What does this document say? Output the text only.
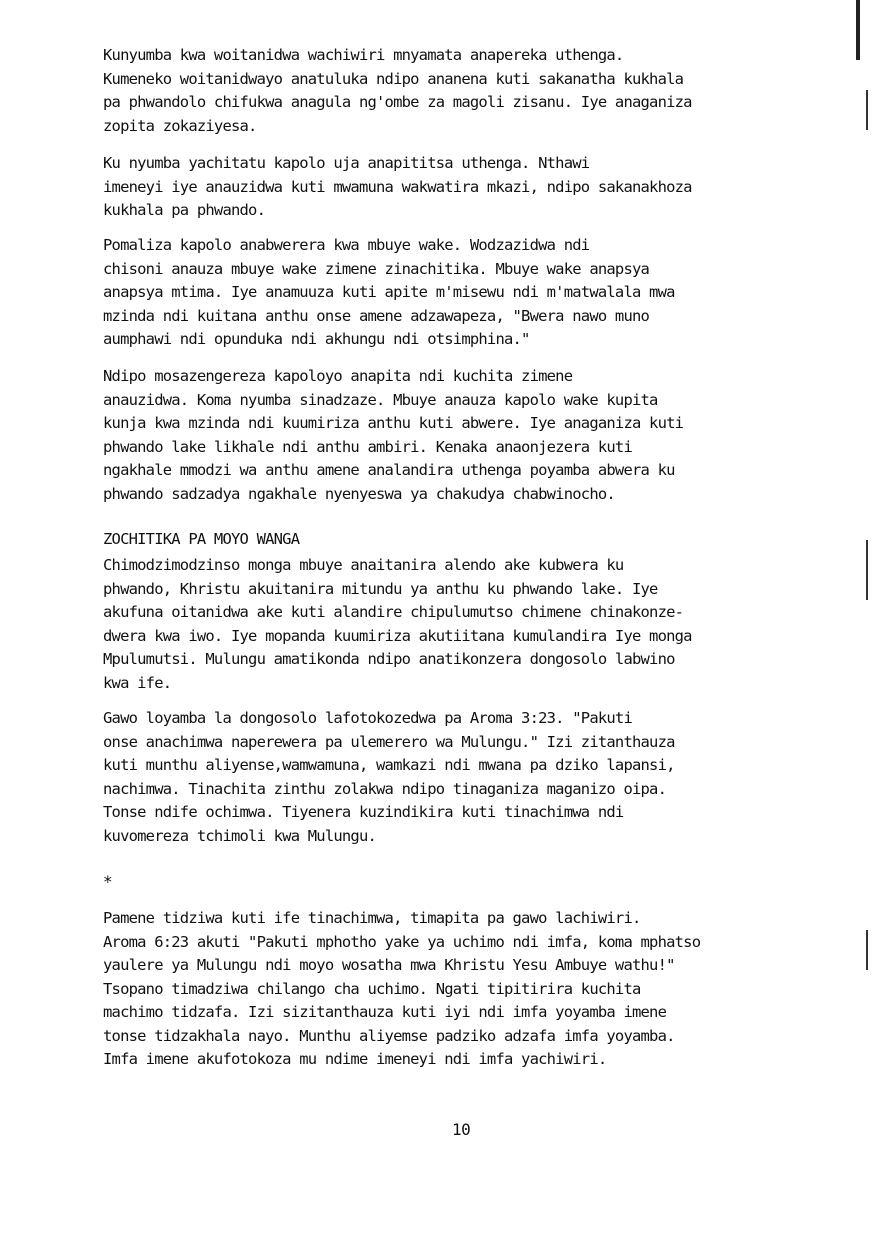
Kunyumba kwa woitanidwa wachiwiri mnyamata anapereka uthenga.
Kumeneko woitanidwayo anatuluka ndipo ananena kuti sakanatha kukhala
pa phwandolo chifukwa anagula ng'ombe za magoli zisanu. Iye anaganiza
zopita zokaziyesa.

Ku nyumba yachitatu kapolo uja anapititsa uthenga. Nthawi
imeneyi iye anauzidwa kuti mwamuna wakwatira mkazi, ndipo sakanakhoza
kukhala pa phwando.

Pomaliza kapolo anabwerera kwa mbuye wake. Wodzazidwa ndi
chisoni anauza mbuye wake zimene zinachitika. Mbuye wake anapsya
anapsya mtima. Iye anamuuza kuti apite m'misewu ndi m'matwalala mwa
mzinda ndi kuitana anthu onse amene adzawapeza, "Bwera nawo muno
aumphawi ndi opunduka ndi akhungu ndi otsimphina."

Ndipo mosazengereza kapoloyo anapita ndi kuchita zimene
anauzidwa. Koma nyumba sinadzaze. Mbuye anauza kapolo wake kupita
kunja kwa mzinda ndi kuumiriza anthu kuti abwere. Iye anaganiza kuti
phwando lake likhale ndi anthu ambiri. Kenaka anaonjezera kuti
ngakhale mmodzi wa anthu amene analandira uthenga poyamba abwera ku
phwando sadzadya ngakhale nyenyeswa ya chakudya chabwinocho.

ZOCHITIKA PA MOYO WANGA

Chimodzimodzinso monga mbuye anaitanira alendo ake kubwera ku
phwando, Khristu akuitanira mitundu ya anthu ku phwando lake. Iye
akufuna oitanidwa ake kuti alandire chipulumutso chimene chinakonze-
dwera kwa iwo. Iye mopanda kuumiriza akutiitana kumulandira Iye monga
Mpulumutsi. Mulungu amatikonda ndipo anatikonzera dongosolo labwino
kwa ife.

Gawo loyamba la dongosolo lafotokozedwa pa Aroma 3:23. "Pakuti
onse anachimwa naperewera pa ulemerero wa Mulungu." Izi zitanthauza
kuti munthu aliyense,wamwamuna, wamkazi ndi mwana pa dziko lapansi,
nachimwa. Tinachita zinthu zolakwa ndipo tinaganiza maganizo oipa.
Tonse ndife ochimwa. Tiyenera kuzindikira kuti tinachimwa ndi
kuvomereza tchimoli kwa Mulungu.

*

Pamene tidziwa kuti ife tinachimwa, timapita pa gawo lachiwiri.
Aroma 6:23 akuti "Pakuti mphotho yake ya uchimo ndi imfa, koma mphatso
yaulere ya Mulungu ndi moyo wosatha mwa Khristu Yesu Ambuye wathu!"
Tsopano timadziwa chilango cha uchimo. Ngati tipitirira kuchita
machimo tidzafa. Izi sizitanthauza kuti iyi ndi imfa yoyamba imene
tonse tidzakhala nayo. Munthu aliyemse padziko adzafa imfa yoyamba.
Imfa imene akufotokoza mu ndime imeneyi ndi imfa yachiwiri.

10
